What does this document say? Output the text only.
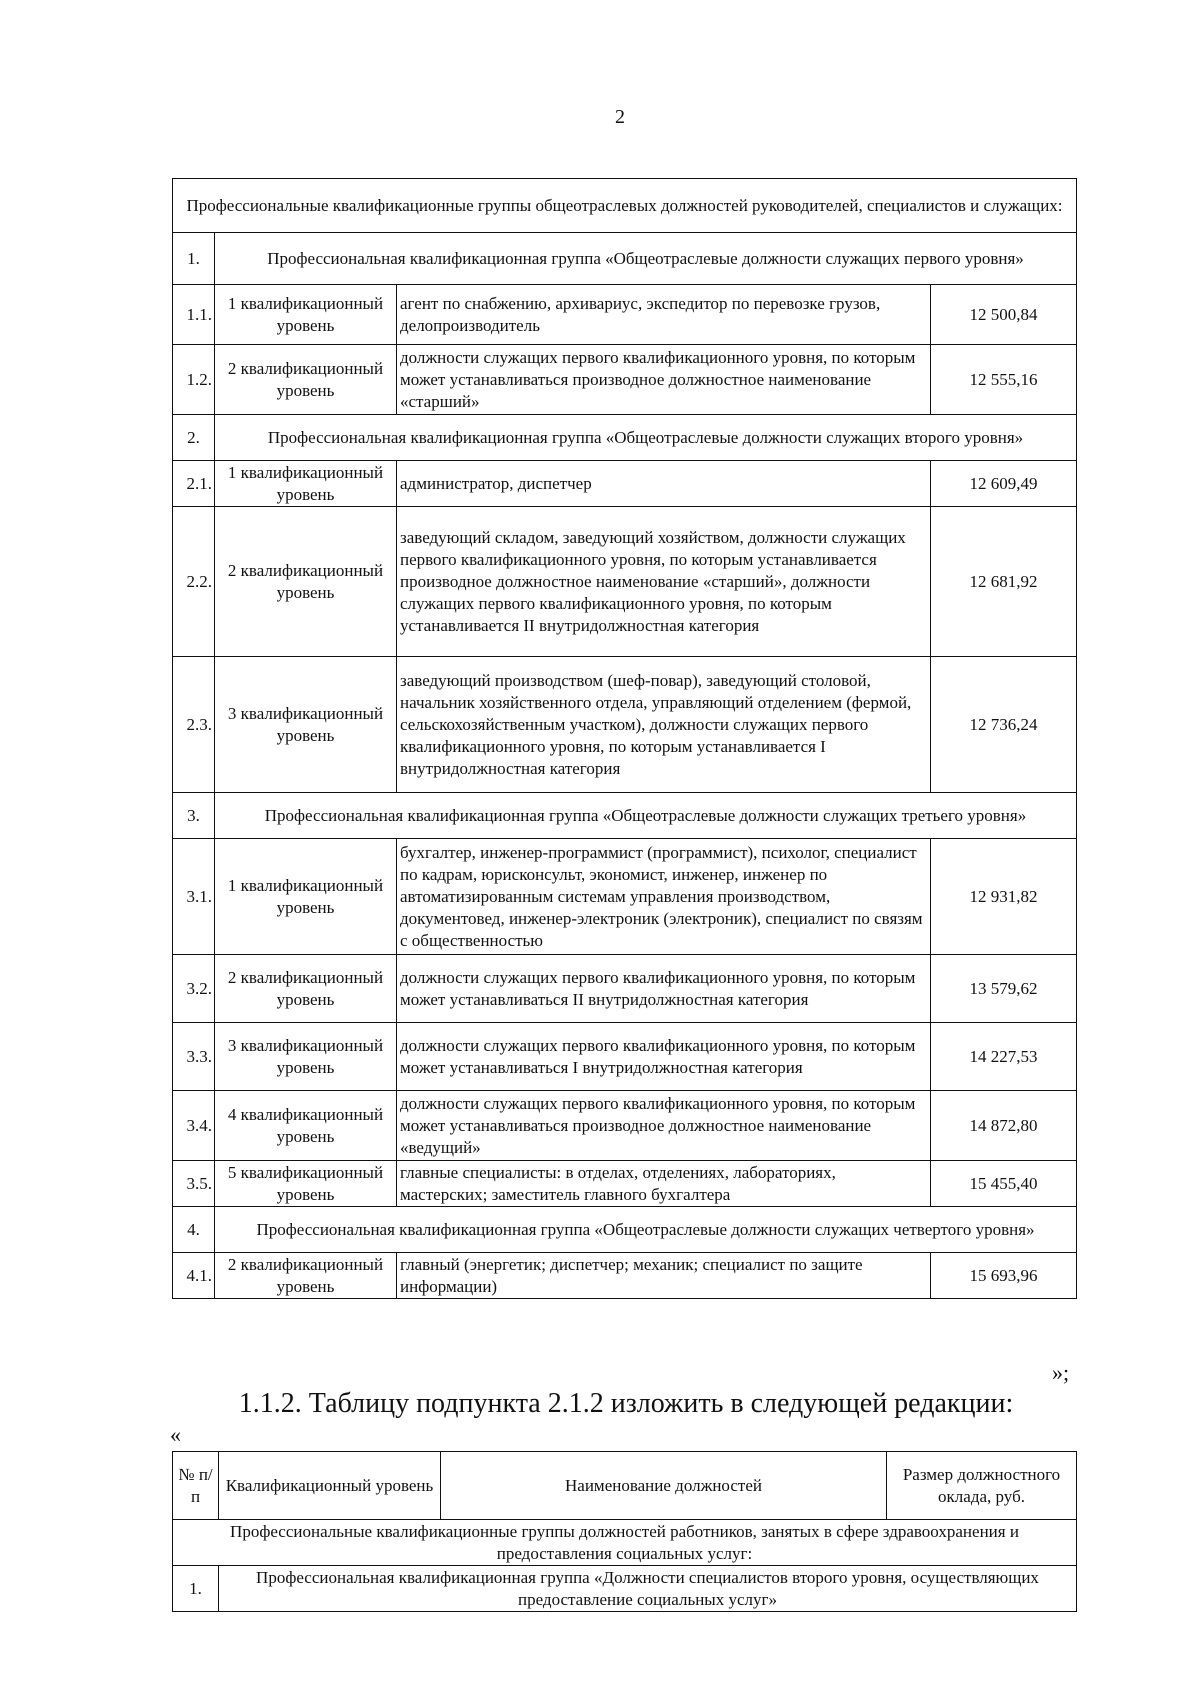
2
Профессиональные квалификационные группы общеотраслевых должностей руководителей, специалистов и служащих:			
1.	Профессиональная квалификационная группа «Общеотраслевые должности служащих первого уровня»		
1.1.	1 квалификационный уровень	агент по снабжению, архивариус, экспедитор по перевозке грузов, делопроизводитель	12 500,84
1.2.	2 квалификационный уровень	должности служащих первого квалификационного уровня, по которым может устанавливаться производное должностное наименование «старший»	12 555,16
2.	Профессиональная квалификационная группа «Общеотраслевые должности служащих второго уровня»		
2.1.	1 квалификационный уровень	администратор, диспетчер	12 609,49
2.2.	2 квалификационный уровень	заведующий складом, заведующий хозяйством, должности служащих первого квалификационного уровня, по которым устанавливается производное должностное наименование «старший», должности служащих первого квалификационного уровня, по которым устанавливается II внутридолжностная категория	12 681,92
2.3.	3 квалификационный уровень	заведующий производством (шеф-повар), заведующий столовой, начальник хозяйственного отдела, управляющий отделением (фермой, сельскохозяйственным участком), должности служащих первого квалификационного уровня, по которым устанавливается I внутридолжностная категория	12 736,24
3.	Профессиональная квалификационная группа «Общеотраслевые должности служащих третьего уровня»		
3.1.	1 квалификационный уровень	бухгалтер, инженер-программист (программист), психолог, специалист по кадрам, юрисконсульт, экономист, инженер, инженер по автоматизированным системам управления производством, документовед, инженер-электроник (электроник), специалист по связям с общественностью	12 931,82
3.2.	2 квалификационный уровень	должности служащих первого квалификационного уровня, по которым может устанавливаться II внутридолжностная категория	13 579,62
3.3.	3 квалификационный уровень	должности служащих первого квалификационного уровня, по которым может устанавливаться I внутридолжностная категория	14 227,53
3.4.	4 квалификационный уровень	должности служащих первого квалификационного уровня, по которым может устанавливаться производное должностное наименование «ведущий»	14 872,80
3.5.	5 квалификационный уровень	главные специалисты: в отделах, отделениях, лабораториях, мастерских; заместитель главного бухгалтера	15 455,40
4.	Профессиональная квалификационная группа «Общеотраслевые должности служащих четвертого уровня»		
4.1.	2 квалификационный уровень	главный (энергетик; диспетчер; механик; специалист по защите информации)	15 693,96
»;
1.1.2. Таблицу подпункта 2.1.2 изложить в следующей редакции:
«
№ п/п	Квалификационный уровень	Наименование должностей	Размер должностного оклада, руб.
Профессиональные квалификационные группы должностей работников, занятых в сфере здравоохранения и предоставления социальных услуг:			
1.	Профессиональная квалификационная группа «Должности специалистов второго уровня, осуществляющих предоставление социальных услуг»		
